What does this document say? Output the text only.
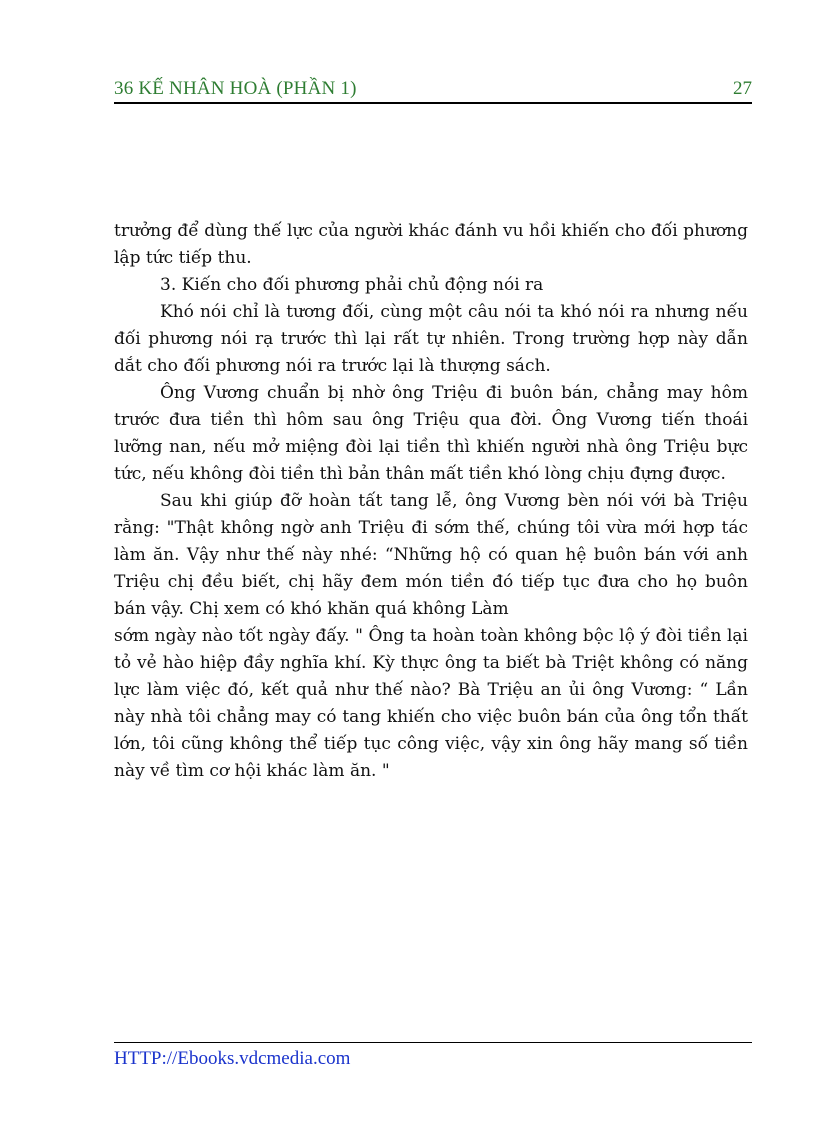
36 KẾ NHÂN HOÀ (PHẦN 1)	27

trưởng để dùng thế lực của người khác đánh vu hồi khiến cho đối phương lập tức tiếp thu.

3. Kiến cho đối phương phải chủ động nói ra

Khó nói chỉ là tương đối, cùng một câu nói ta khó nói ra nhưng nếu đối phương nói rạ trước thì lại rất tự nhiên. Trong trường hợp này dẫn dắt cho đối phương nói ra trước lại là thượng sách.

Ông Vương chuẩn bị nhờ ông Triệu đi buôn bán, chẳng may hôm trước đưa tiền thì hôm sau ông Triệu qua đời. Ông Vương tiến thoái lưỡng nan, nếu mở miệng đòi lại tiền thì khiến người nhà ông Triệu bực tức, nếu không đòi tiền thì bản thân mất tiền khó lòng chịu đựng được.

Sau khi giúp đỡ hoàn tất tang lễ, ông Vương bèn nói với bà Triệu rằng: "Thật không ngờ anh Triệu đi sớm thế, chúng tôi vừa mới hợp tác làm ăn. Vậy như thế này nhé: “Những hộ có quan hệ buôn bán với anh Triệu chị đều biết, chị hãy đem món tiền đó tiếp tục đưa cho họ buôn bán vậy. Chị xem có khó khăn quá không Làm

sớm ngày nào tốt ngày đấy. " Ông ta hoàn toàn không bộc lộ ý đòi tiền lại tỏ vẻ hào hiệp đầy nghĩa khí. Kỳ thực ông ta biết bà Triệt không có năng lực làm việc đó, kết quả như thế nào? Bà Triệu an ủi ông Vương: “ Lần này nhà tôi chẳng may có tang khiến cho việc buôn bán của ông tổn thất lớn, tôi cũng không thể tiếp tục công việc, vậy xin ông hãy mang số tiền này về tìm cơ hội khác làm ăn. "

HTTP://Ebooks.vdcmedia.com
